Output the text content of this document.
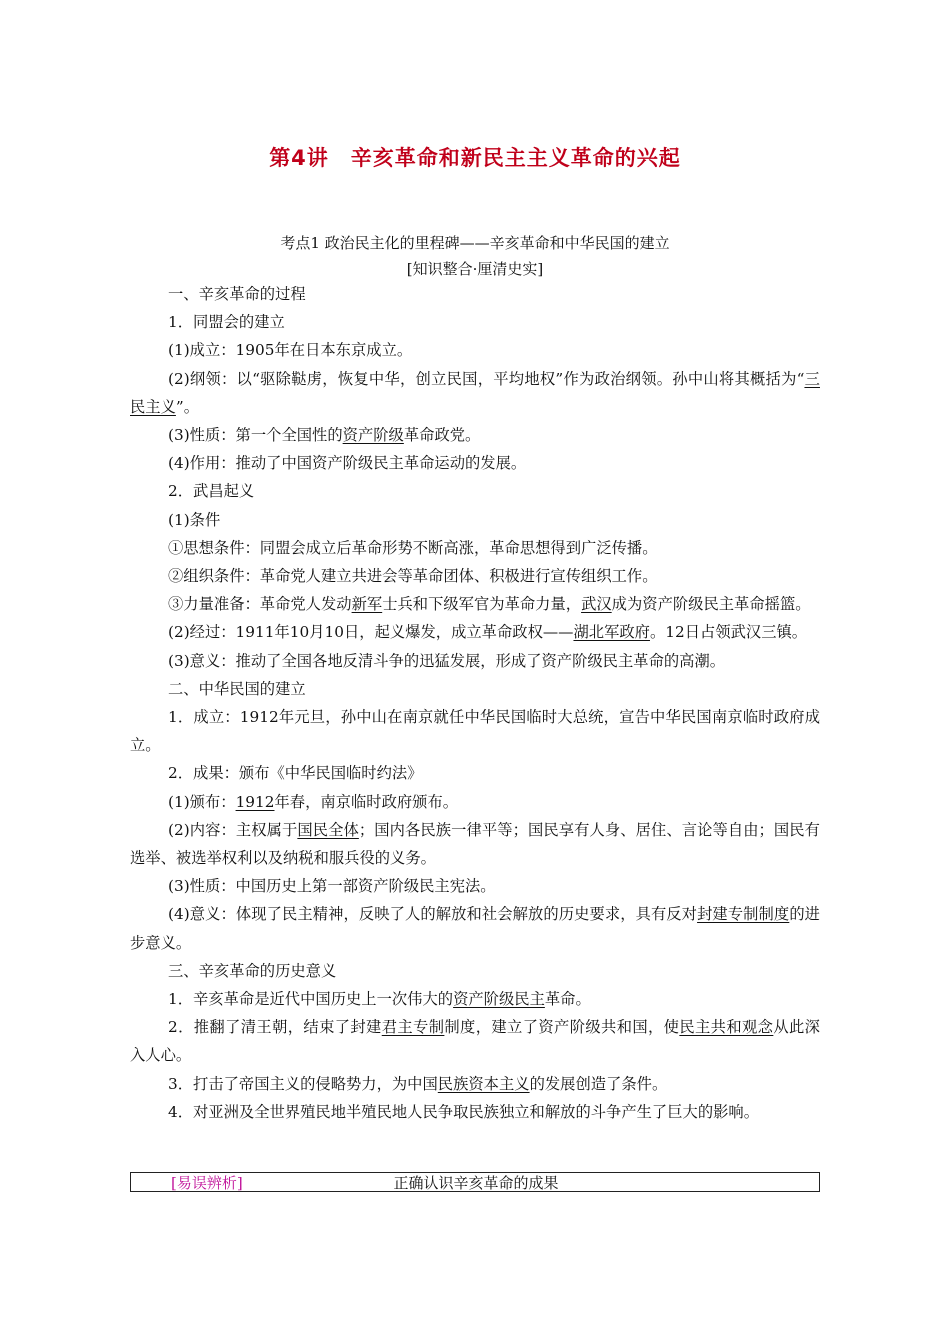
第4讲　辛亥革命和新民主主义革命的兴起
考点1 政治民主化的里程碑——辛亥革命和中华民国的建立
[知识整合·厘清史实]

一、辛亥革命的过程

1．同盟会的建立

(1)成立：1905年在日本东京成立。

(2)纲领：以“驱除鞑虏，恢复中华，创立民国，平均地权”作为政治纲领。孙中山将其概括为“三民主义”。

(3)性质：第一个全国性的资产阶级革命政党。

(4)作用：推动了中国资产阶级民主革命运动的发展。

2．武昌起义

(1)条件

①思想条件：同盟会成立后革命形势不断高涨，革命思想得到广泛传播。

②组织条件：革命党人建立共进会等革命团体、积极进行宣传组织工作。

③力量准备：革命党人发动新军士兵和下级军官为革命力量，武汉成为资产阶级民主革命摇篮。

(2)经过：1911年10月10日，起义爆发，成立革命政权——湖北军政府。12日占领武汉三镇。

(3)意义：推动了全国各地反清斗争的迅猛发展，形成了资产阶级民主革命的高潮。

二、中华民国的建立

1．成立：1912年元旦，孙中山在南京就任中华民国临时大总统，宣告中华民国南京临时政府成立。

2．成果：颁布《中华民国临时约法》

(1)颁布：1912年春，南京临时政府颁布。

(2)内容：主权属于国民全体；国内各民族一律平等；国民享有人身、居住、言论等自由；国民有选举、被选举权利以及纳税和服兵役的义务。

(3)性质：中国历史上第一部资产阶级民主宪法。

(4)意义：体现了民主精神，反映了人的解放和社会解放的历史要求，具有反对封建专制制度的进步意义。

三、辛亥革命的历史意义

1．辛亥革命是近代中国历史上一次伟大的资产阶级民主革命。

2．推翻了清王朝，结束了封建君主专制制度，建立了资产阶级共和国，使民主共和观念从此深入人心。

3．打击了帝国主义的侵略势力，为中国民族资本主义的发展创造了条件。

4．对亚洲及全世界殖民地半殖民地人民争取民族独立和解放的斗争产生了巨大的影响。

正确认识辛亥革命的成果
[易误辨析]
